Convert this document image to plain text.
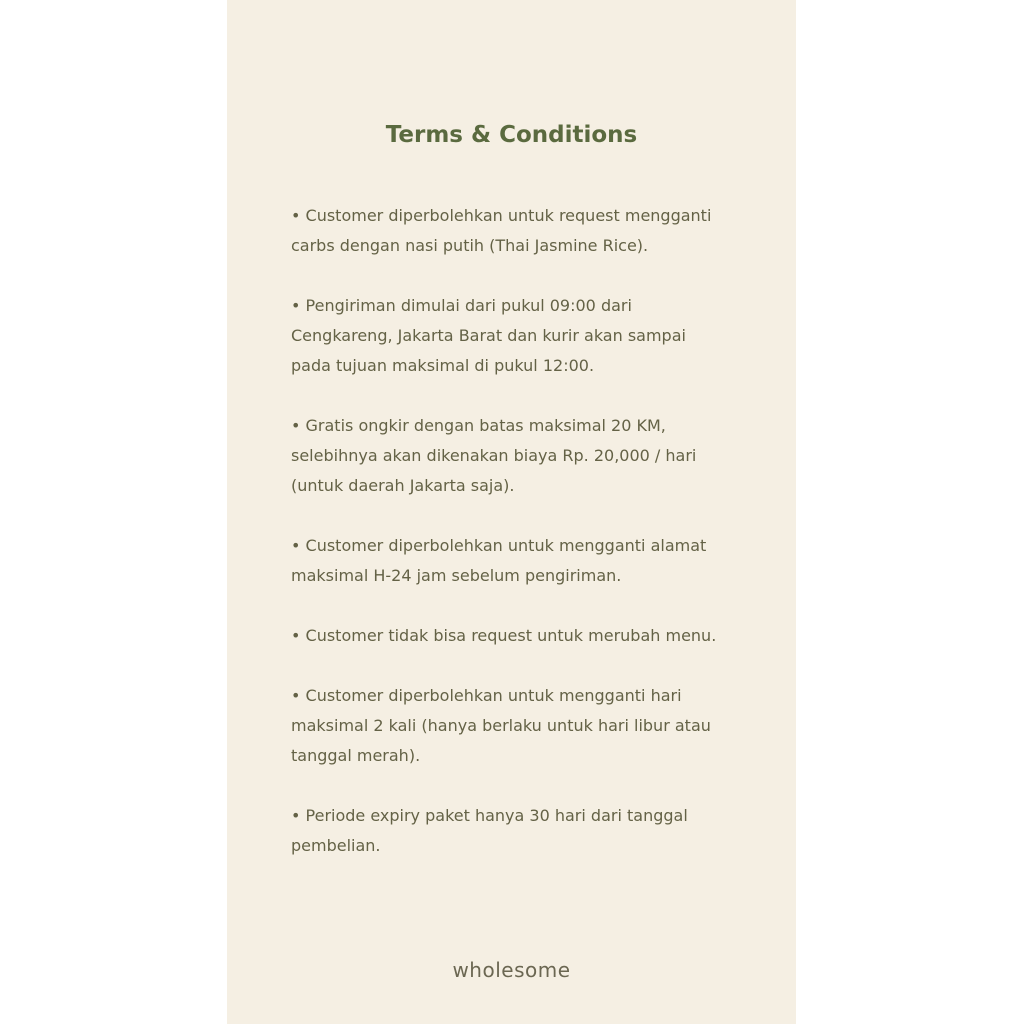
Terms & Conditions

• Customer diperbolehkan untuk request mengganti
carbs dengan nasi putih (Thai Jasmine Rice).

• Pengiriman dimulai dari pukul 09:00 dari
Cengkareng, Jakarta Barat dan kurir akan sampai
pada tujuan maksimal di pukul 12:00.

• Gratis ongkir dengan batas maksimal 20 KM,
selebihnya akan dikenakan biaya Rp. 20,000 / hari
(untuk daerah Jakarta saja).

• Customer diperbolehkan untuk mengganti alamat
maksimal H-24 jam sebelum pengiriman.

• Customer tidak bisa request untuk merubah menu.

• Customer diperbolehkan untuk mengganti hari
maksimal 2 kali (hanya berlaku untuk hari libur atau
tanggal merah).

• Periode expiry paket hanya 30 hari dari tanggal
pembelian.

wholesome
